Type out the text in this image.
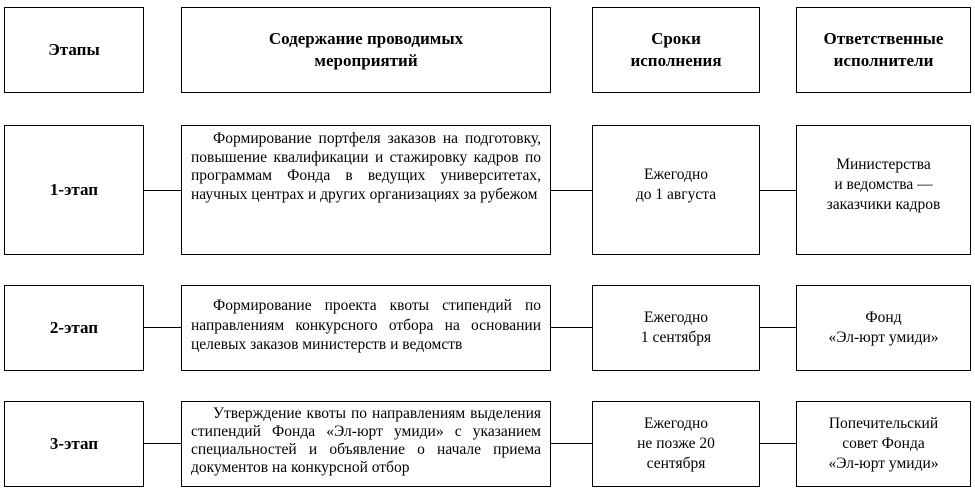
Этапы
Содержание проводимых мероприятий
Сроки исполнения
Ответственные исполнители
1-этап
Формирование портфеля заказов на подготовку, повышение квалификации и стажировку кадров по программам Фонда в ведущих университетах, научных центрах и других организациях за рубежом
Ежегодно
до 1 августа
Министерства
и ведомства —
заказчики кадров
2-этап
Формирование проекта квоты стипендий по направлениям конкурсного отбора на основании целевых заказов министерств и ведомств
Ежегодно
1 сентября
Фонд
«Эл-юрт умиди»
3-этап
Утверждение квоты по направлениям выделения стипендий Фонда «Эл-юрт умиди» с указанием специальностей и объявление о начале приема документов на конкурсной отбор
Ежегодно
не позже 20
сентября
Попечительский
совет Фонда
«Эл-юрт умиди»
